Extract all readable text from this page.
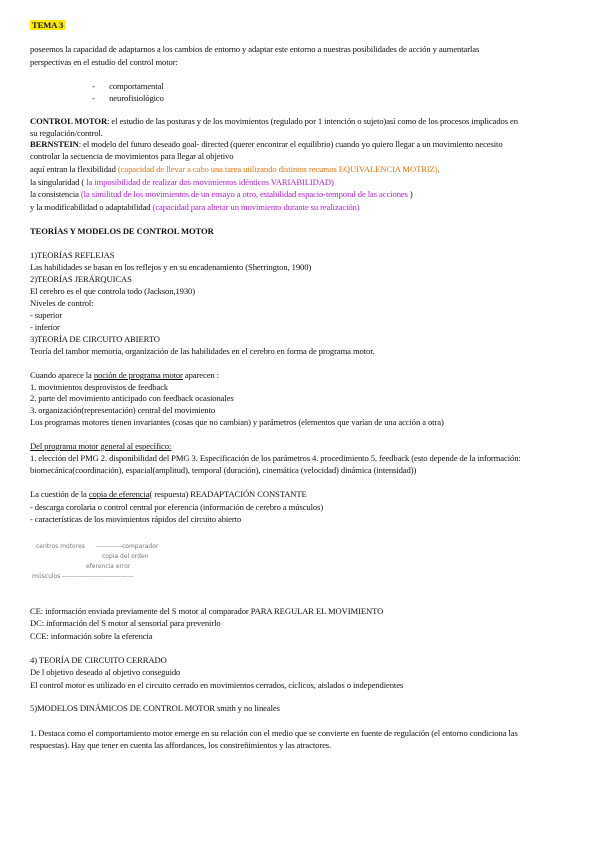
TEMA 3
poseemos la capacidad de adaptarnos a los cambios de entorno y adaptar este entorno a nuestras posibilidades de acción y aumentarlas
perspectivas en el estudio del control motor:
-       comportamental
-       neurofisiológico
CONTROL MOTOR: el estudio de las posturas y de los movimientos (regulado por 1 intención o sujeto)así como de los procesos implicados en
su regulación/control.
BERNSTEIN: el modelo del futuro deseado goal- directed (querer encontrar el equilibrio) cuando yo quiero llegar a un movimiento necesito
controlar la secuencia de movimientos para llegar al objetivo
aquí entran la flexibilidad (capacidad de llevar a cabo una tarea utilizando distintos recursos EQUIVALENCIA MOTRIZ),
la singularidad ( la imposibilidad de realizar dos movimientos idénticos VARIABILIDAD)
la consistencia (la similitud de los movimientos de un ensayo a otro, estabilidad espacio-temporal de las acciones )
y la modificabilidad o adaptabilidad (capacidad para alterar un movimiento durante su realización)
TEORÍAS Y MODELOS DE CONTROL MOTOR
1)TEORÍAS REFLEJAS
Las habilidades se basan en los reflejos y en su encadenamiento (Sherrington, 1900)
2)TEORÍAS JERÁRQUICAS
El cerebro es el que controla todo (Jackson,1930)
Niveles de control:
- superior
- inferior
3)TEORÍA DE CIRCUITO ABIERTO
Teoría del tambor memoria, organización de las habilidades en el cerebro en forma de programa motor.
Cuando aparece la noción de programa motor aparecen :
1. movimientos desprovistos de feedback
2. parte del movimiento anticipado con feedback ocasionales
3. organización(representación) central del movimiento
Los programas motores tienen invariantes (cosas que no cambian) y parámetros (elementos que varían de una acción a otra)
Del programa motor general al específico:
1. elección del PMG 2. disponibilidad del PMG 3. Especificación de los parámetros 4. procedimiento 5. feedback (esto depende de la información:
biomecánica(coordinación), espacial(amplitud), temporal (duración), cinemática (velocidad) dinámica (intensidad))
La cuestión de la copia de eferencia( respuesta) READAPTACIÓN CONSTANTE
- descarga corolaria o control central por eferencia (información de cerebro a músculos)
- características de los movimientos rápidos del circuito abierto
centros motores ------------comparador
copia del orden
eferencia error
músculos ---------------------------------
CE: información enviada previamente del S motor al comparador PARA REGULAR EL MOVIMIENTO
DC: información del S motor al sensorial para prevenirlo
CCE: información sobre la eferencia
4) TEORÍA DE CIRCUITO CERRADO
De l objetivo deseado al objetivo conseguido
El control motor es utilizado en el circuito cerrado en movimientos cerrados, cíclicos, aislados o independientes
5)MODELOS DINÁMICOS DE CONTROL MOTOR smith y no lineales
1. Destaca como el comportamiento motor emerge en su relación con el medio que se convierte en fuente de regulación (el entorno condiciona las
respuestas). Hay que tener en cuenta las affordances, los constreñimientos y las atractores.
